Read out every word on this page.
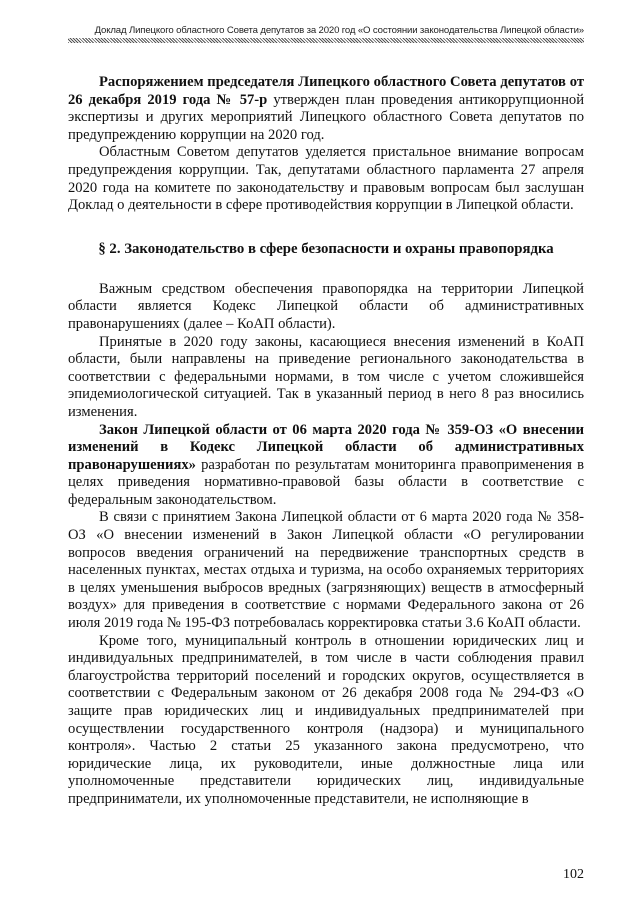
Доклад Липецкого областного Совета депутатов за 2020 год «О состоянии законодательства Липецкой области»

Распоряжением председателя Липецкого областного Совета депутатов от 26 декабря 2019 года № 57-р утвержден план проведения антикоррупционной экспертизы и других мероприятий Липецкого областного Совета депутатов по предупреждению коррупции на 2020 год.

Областным Советом депутатов уделяется пристальное внимание вопросам предупреждения коррупции. Так, депутатами областного парламента 27 апреля 2020 года на комитете по законодательству и правовым вопросам был заслушан Доклад о деятельности в сфере противодействия коррупции в Липецкой области.

§ 2. Законодательство в сфере безопасности и охраны правопорядка

Важным средством обеспечения правопорядка на территории Липецкой области является Кодекс Липецкой области об административных правонарушениях (далее – КоАП области).

Принятые в 2020 году законы, касающиеся внесения изменений в КоАП области, были направлены на приведение регионального законодательства в соответствии с федеральными нормами, в том числе с учетом сложившейся эпидемиологической ситуацией. Так в указанный период в него 8 раз вносились изменения.

Закон Липецкой области от 06 марта 2020 года № 359-ОЗ «О внесении изменений в Кодекс Липецкой области об административных правонарушениях» разработан по результатам мониторинга правоприменения в целях приведения нормативно-правовой базы области в соответствие с федеральным законодательством.

В связи с принятием Закона Липецкой области от 6 марта 2020 года № 358-ОЗ «О внесении изменений в Закон Липецкой области «О регулировании вопросов введения ограничений на передвижение транспортных средств в населенных пунктах, местах отдыха и туризма, на особо охраняемых территориях в целях уменьшения выбросов вредных (загрязняющих) веществ в атмосферный воздух» для приведения в соответствие с нормами Федерального закона от 26 июля 2019 года № 195-ФЗ потребовалась корректировка статьи 3.6 КоАП области.

Кроме того, муниципальный контроль в отношении юридических лиц и индивидуальных предпринимателей, в том числе в части соблюдения правил благоустройства территорий поселений и городских округов, осуществляется в соответствии с Федеральным законом от 26 декабря 2008 года № 294-ФЗ «О защите прав юридических лиц и индивидуальных предпринимателей при осуществлении государственного контроля (надзора) и муниципального контроля». Частью 2 статьи 25 указанного закона предусмотрено, что юридические лица, их руководители, иные должностные лица или уполномоченные представители юридических лиц, индивидуальные предприниматели, их уполномоченные представители, не исполняющие в

102
